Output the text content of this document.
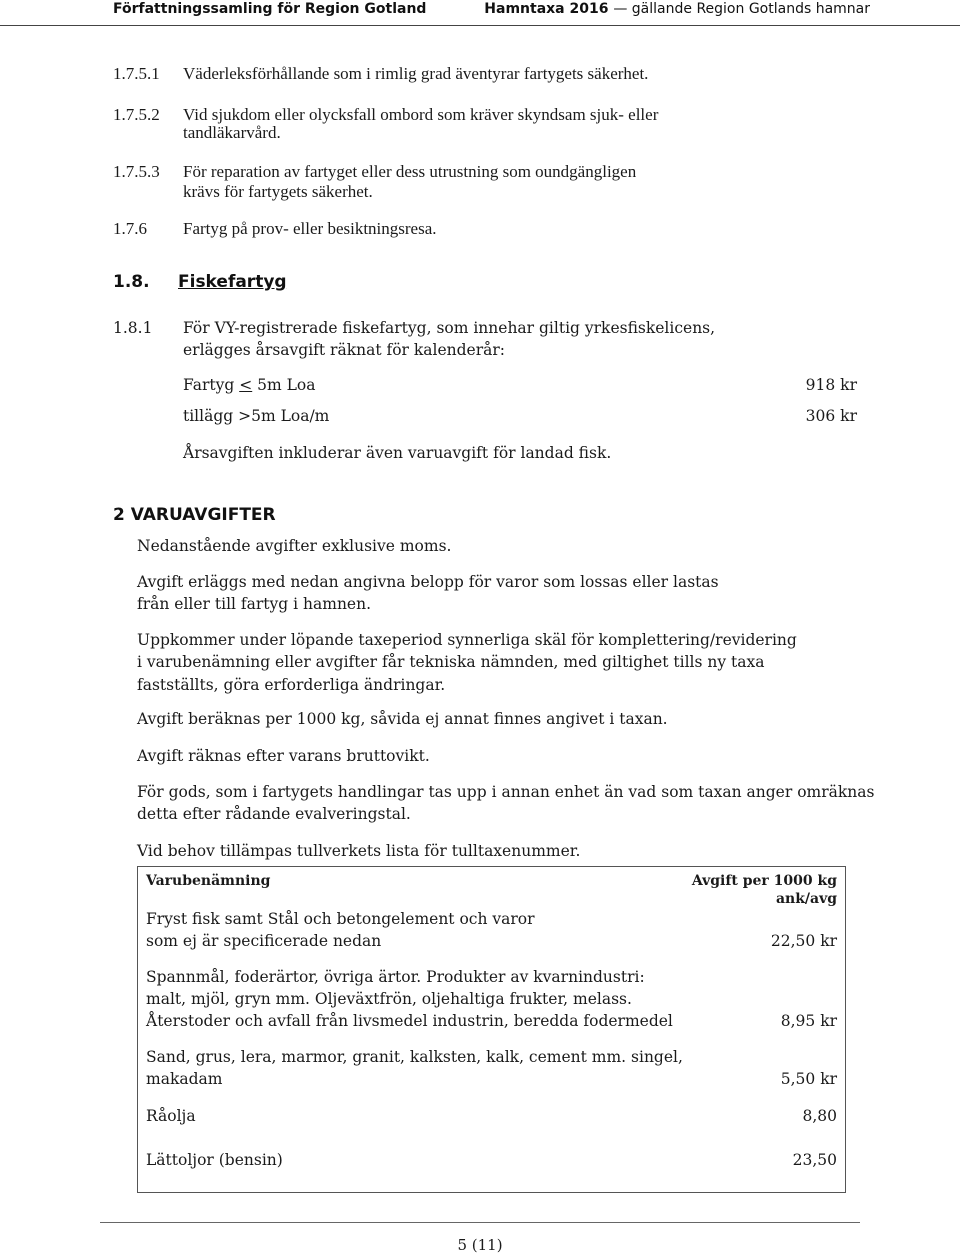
Författningssamling för Region Gotland	Hamntaxa 2016 — gällande Region Gotlands hamnar
1.7.5.1 Väderleksförhållande som i rimlig grad äventyrar fartygets säkerhet.
1.7.5.2 Vid sjukdom eller olycksfall ombord som kräver skyndsam sjuk- eller
tandläkarvård.
1.7.5.3 För reparation av fartyget eller dess utrustning som oundgängligen
krävs för fartygets säkerhet.
1.7.6 Fartyg på prov- eller besiktningsresa.
1.8. Fiskefartyg
1.8.1 För VY-registrerade fiskefartyg, som innehar giltig yrkesfiskelicens,
erlägges årsavgift räknat för kalenderår:
Fartyg < 5m Loa	918 kr
tillägg >5m Loa/m	306 kr
Årsavgiften inkluderar även varuavgift för landad fisk.
2 VARUAVGIFTER
Nedanstående avgifter exklusive moms.
Avgift erläggs med nedan angivna belopp för varor som lossas eller lastas
från eller till fartyg i hamnen.
Uppkommer under löpande taxeperiod synnerliga skäl för komplettering/revidering
i varubenämning eller avgifter får tekniska nämnden, med giltighet tills ny taxa
fastställts, göra erforderliga ändringar.
Avgift beräknas per 1000 kg, såvida ej annat finnes angivet i taxan.
Avgift räknas efter varans bruttovikt.
För gods, som i fartygets handlingar tas upp i annan enhet än vad som taxan anger omräknas
detta efter rådande evalveringstal.
Vid behov tillämpas tullverkets lista för tulltaxenummer.
Varubenämning	Avgift per 1000 kg
ank/avg
Fryst fisk samt Stål och betongelement och varor
som ej är specificerade nedan	22,50 kr
Spannmål, foderärtor, övriga ärtor. Produkter av kvarnindustri:
malt, mjöl, gryn mm. Oljeväxtfrön, oljehaltiga frukter, melass.
Återstoder och avfall från livsmedel industrin, beredda fodermedel	8,95 kr
Sand, grus, lera, marmor, granit, kalksten, kalk, cement mm. singel,
makadam	5,50 kr
Råolja	8,80
Lättoljor (bensin)	23,50
5 (11)
